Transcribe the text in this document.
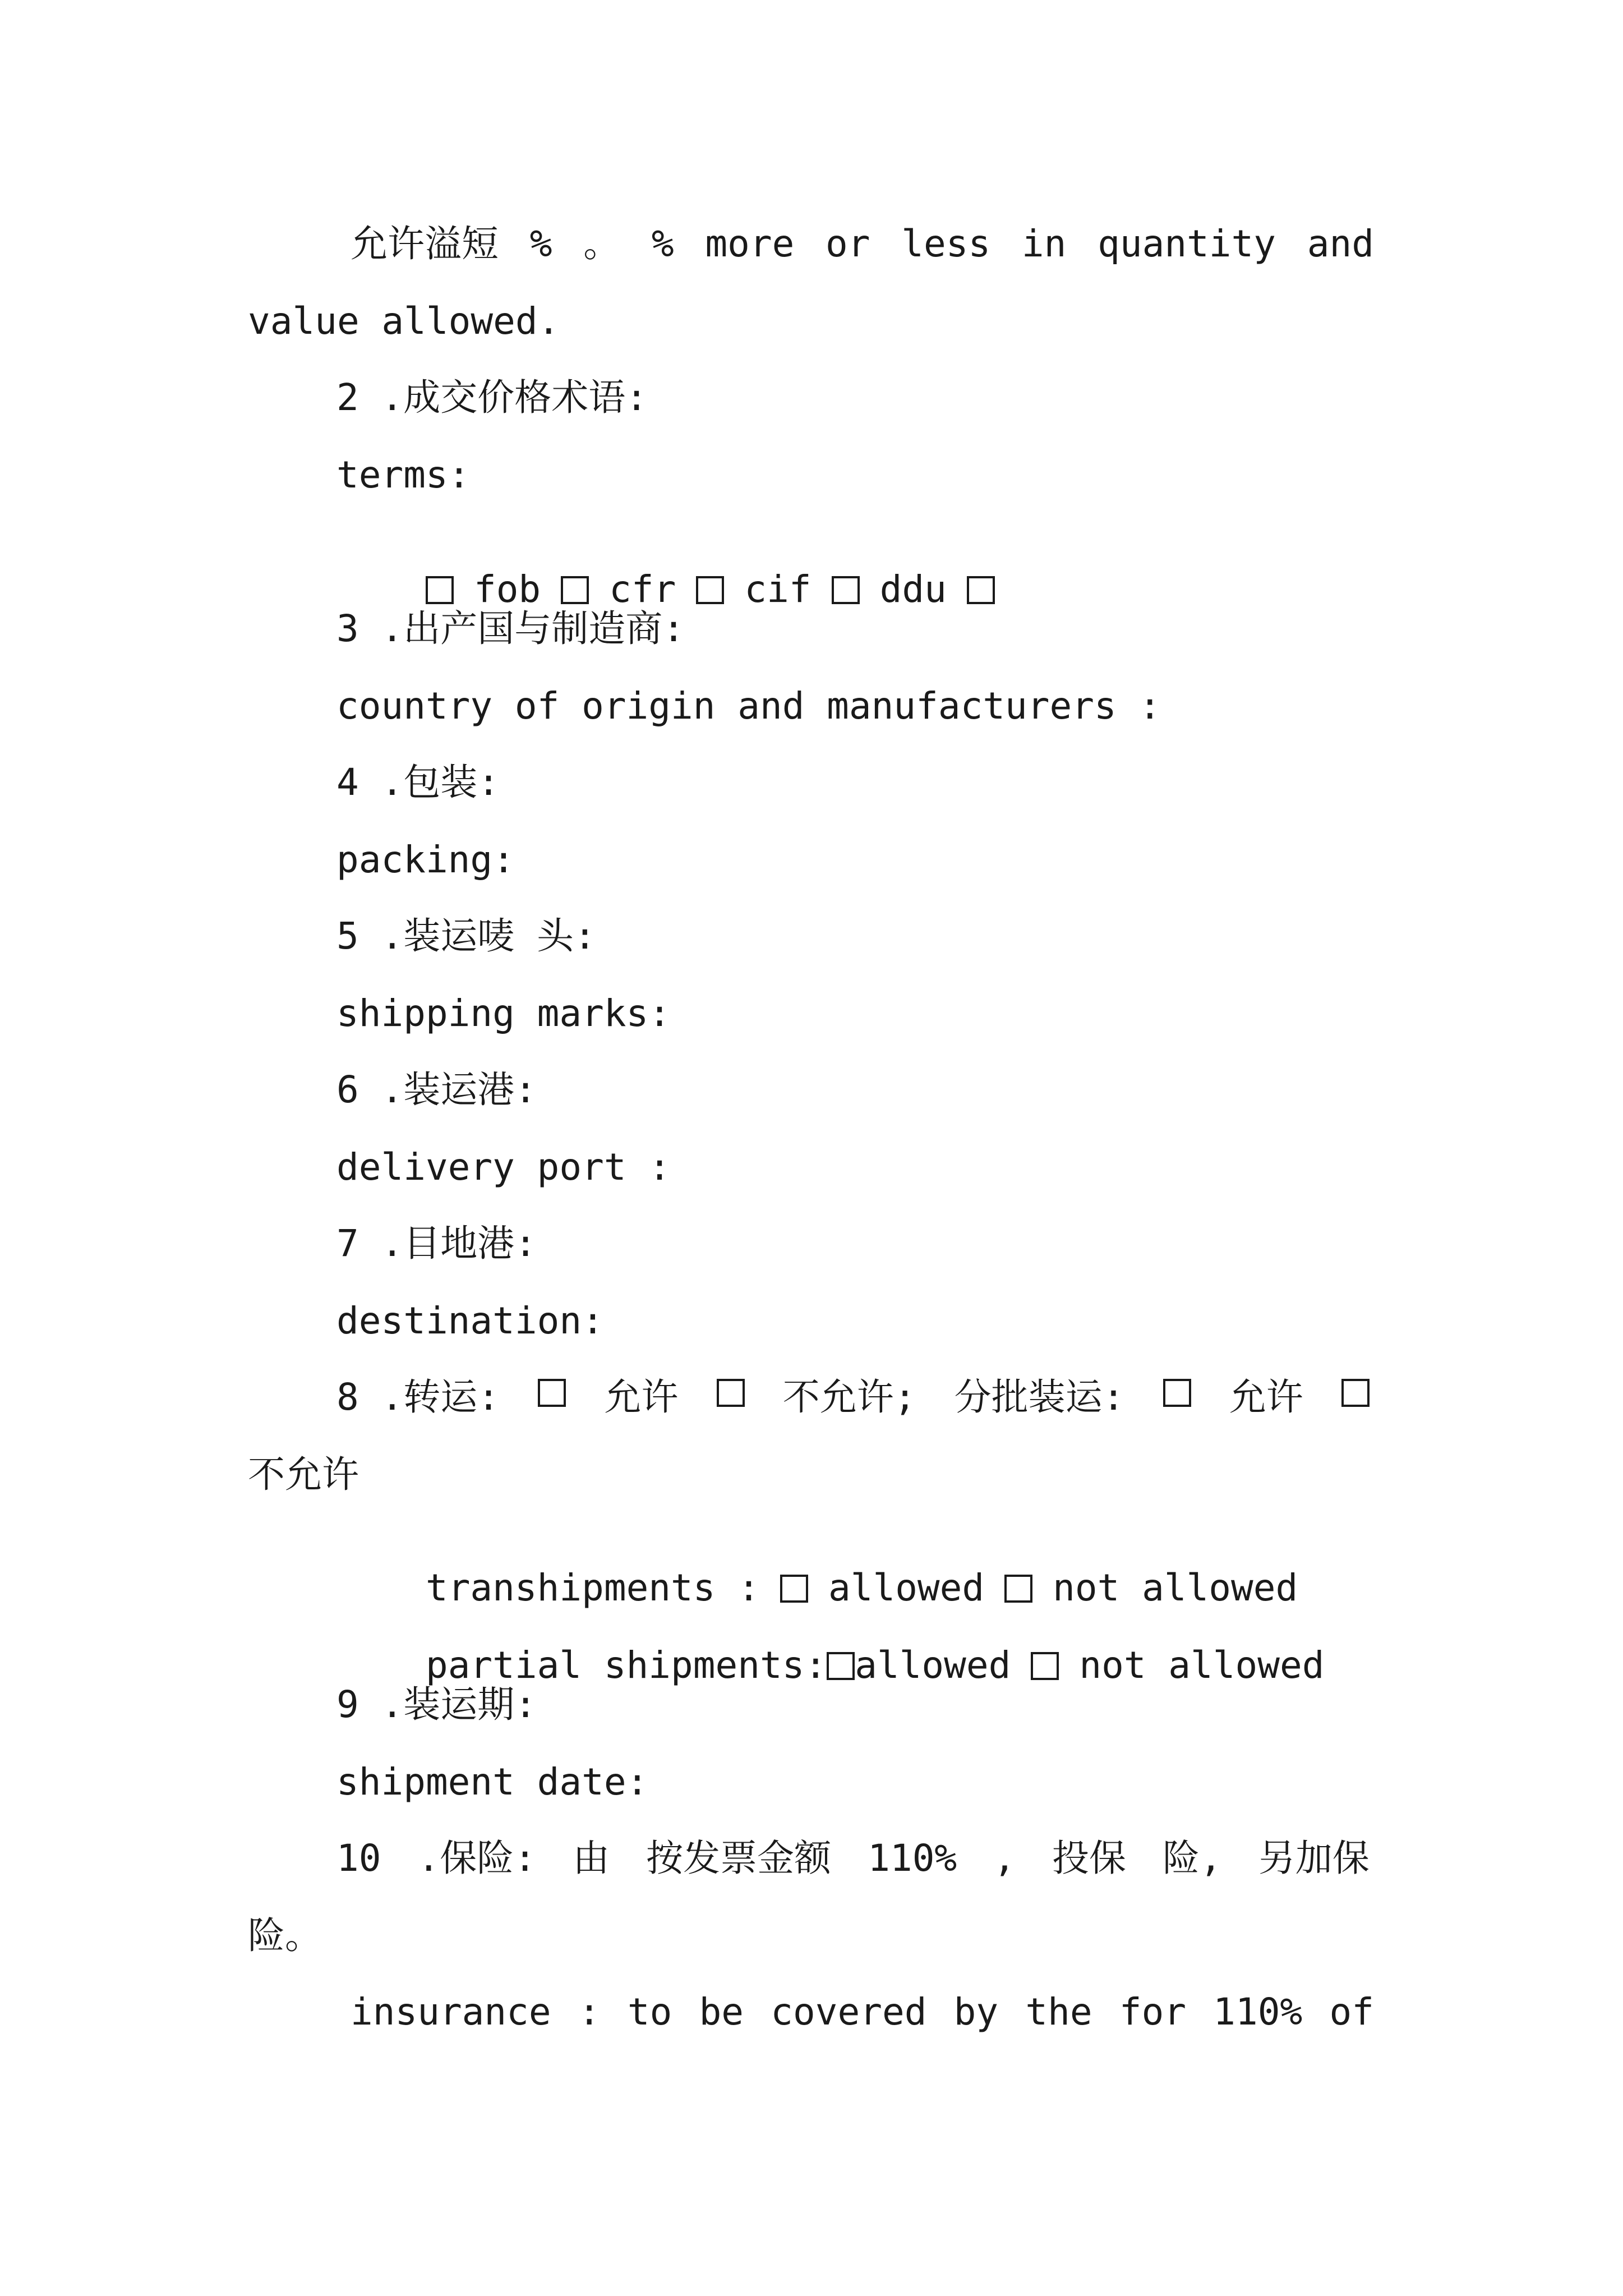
允许溢短 % 。 % more or less in quantity and
value allowed.
2 .成交价格术语:
terms:

fob cfr cif ddu

3 .出产国与制造商:
country of origin and manufacturers :
4 .包装:
packing:
5 .装运唛 头:
shipping marks:
6 .装运港:
delivery port :
7 .目地港:
destination:
8 .转运:	允许	不允许; 分批装运:	允许
不允许

transhipments : allowed not allowed

partial shipments: allowed not allowed

9 .装运期:
shipment date:
10 .保险: 由 按发票金额 110% , 投保 险, 另加保
险。
insurance : to be covered by the for 110% of
